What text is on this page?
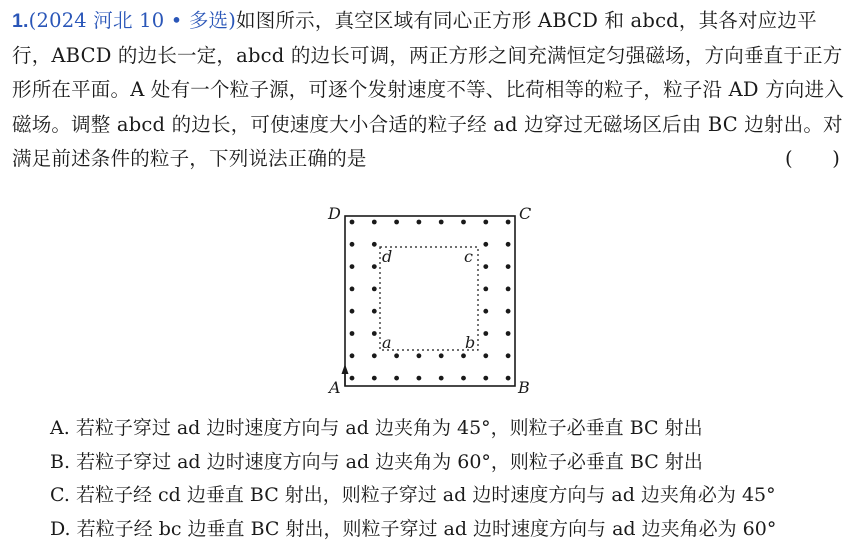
1.(2024 河北 10 • 多选)如图所示，真空区域有同心正方形 ABCD 和 abcd，其各对应边平行，ABCD 的边长一定，abcd 的边长可调，两正方形之间充满恒定匀强磁场，方向垂直于正方形所在平面。A 处有一个粒子源，可逐个发射速度不等、比荷相等的粒子，粒子沿 AD 方向进入磁场。调整 abcd 的边长，可使速度大小合适的粒子经 ad 边穿过无磁场区后由 BC 边射出。对满足前述条件的粒子，下列说法正确的是	(　　)
D	C
A	B
d	c
a	b
A. 若粒子穿过 ad 边时速度方向与 ad 边夹角为 45°，则粒子必垂直 BC 射出
B. 若粒子穿过 ad 边时速度方向与 ad 边夹角为 60°，则粒子必垂直 BC 射出
C. 若粒子经 cd 边垂直 BC 射出，则粒子穿过 ad 边时速度方向与 ad 边夹角必为 45°
D. 若粒子经 bc 边垂直 BC 射出，则粒子穿过 ad 边时速度方向与 ad 边夹角必为 60°
